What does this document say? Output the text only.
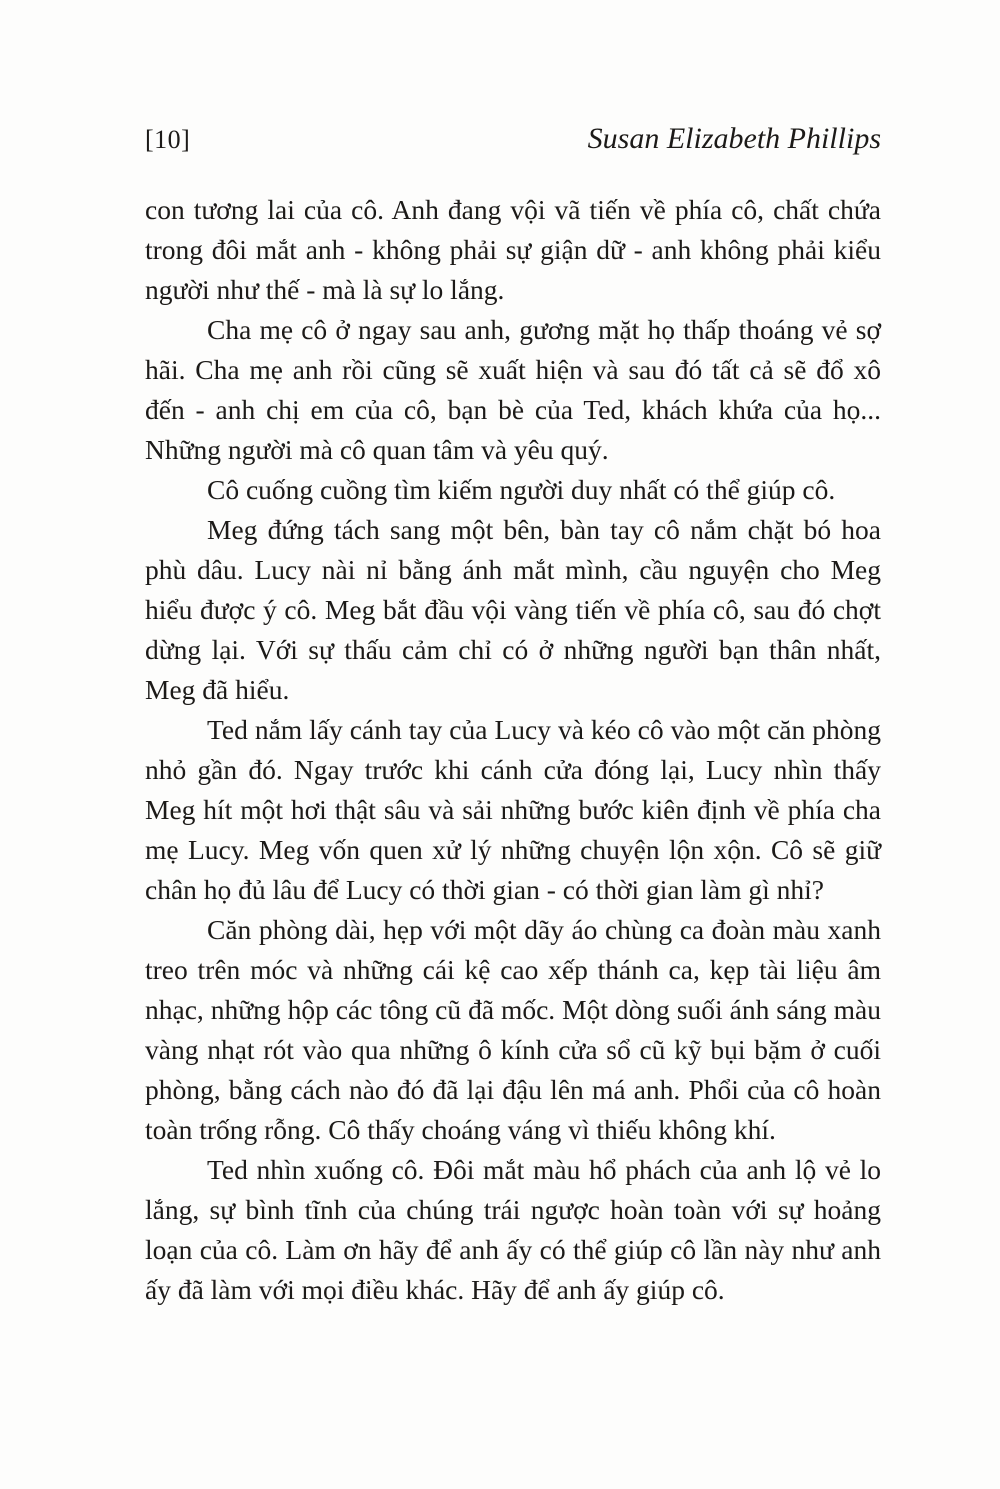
[10]	Susan Elizabeth Phillips

con tương lai của cô. Anh đang vội vã tiến về phía cô, chất chứa trong đôi mắt anh - không phải sự giận dữ - anh không phải kiểu người như thế - mà là sự lo lắng.

Cha mẹ cô ở ngay sau anh, gương mặt họ thấp thoáng vẻ sợ hãi. Cha mẹ anh rồi cũng sẽ xuất hiện và sau đó tất cả sẽ đổ xô đến - anh chị em của cô, bạn bè của Ted, khách khứa của họ... Những người mà cô quan tâm và yêu quý.

Cô cuống cuồng tìm kiếm người duy nhất có thể giúp cô.

Meg đứng tách sang một bên, bàn tay cô nắm chặt bó hoa phù dâu. Lucy nài nỉ bằng ánh mắt mình, cầu nguyện cho Meg hiểu được ý cô. Meg bắt đầu vội vàng tiến về phía cô, sau đó chợt dừng lại. Với sự thấu cảm chỉ có ở những người bạn thân nhất, Meg đã hiểu.

Ted nắm lấy cánh tay của Lucy và kéo cô vào một căn phòng nhỏ gần đó. Ngay trước khi cánh cửa đóng lại, Lucy nhìn thấy Meg hít một hơi thật sâu và sải những bước kiên định về phía cha mẹ Lucy. Meg vốn quen xử lý những chuyện lộn xộn. Cô sẽ giữ chân họ đủ lâu để Lucy có thời gian - có thời gian làm gì nhỉ?

Căn phòng dài, hẹp với một dãy áo chùng ca đoàn màu xanh treo trên móc và những cái kệ cao xếp thánh ca, kẹp tài liệu âm nhạc, những hộp các tông cũ đã mốc. Một dòng suối ánh sáng màu vàng nhạt rót vào qua những ô kính cửa sổ cũ kỹ bụi bặm ở cuối phòng, bằng cách nào đó đã lại đậu lên má anh. Phổi của cô hoàn toàn trống rỗng. Cô thấy choáng váng vì thiếu không khí.

Ted nhìn xuống cô. Đôi mắt màu hổ phách của anh lộ vẻ lo lắng, sự bình tĩnh của chúng trái ngược hoàn toàn với sự hoảng loạn của cô. Làm ơn hãy để anh ấy có thể giúp cô lần này như anh ấy đã làm với mọi điều khác. Hãy để anh ấy giúp cô.
